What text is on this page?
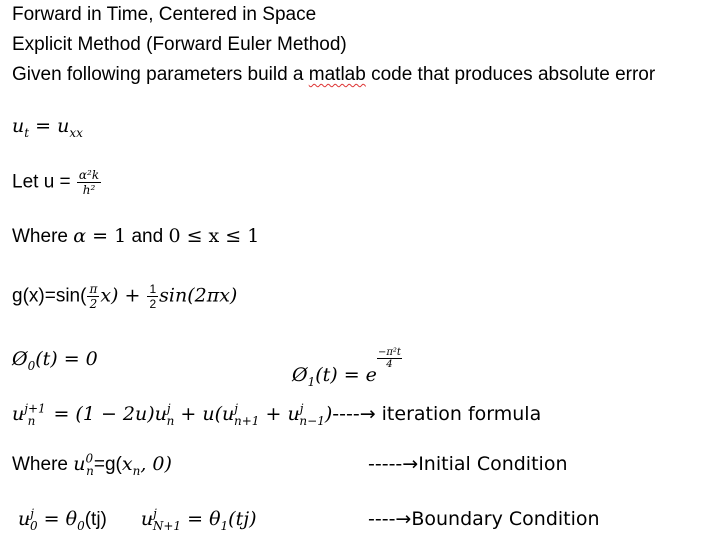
Forward in Time, Centered in Space
Explicit Method (Forward Euler Method)
Given following parameters build a matlab code that produces absolute error
$u_t = u_{xx}$
Let $u = \frac{\text{α²k}}{\text{h²}}$
Where α = 1 and 0 ≤ x ≤ 1
$g(x)=\sin( \frac{\pi}{2} x) + \frac{1}{2} \sin(2\pi x)$
$Ø_0(t) = 0$
$Ø_1(t) = e$
$\frac{\text{−π²t}}{4}$
$u^{j+1}_n = (1 - 2u)u^j_n + u(u^j_{n+1} + u^j_{n-1})----\to$ iteration formula
Where $u^0_n=g(x_n$, 0)	-----→Initial Condition
$u^j_0 = \theta_0(tj) u^j_{N+1} = \theta_1(tj)$	----→Boundary Condition
